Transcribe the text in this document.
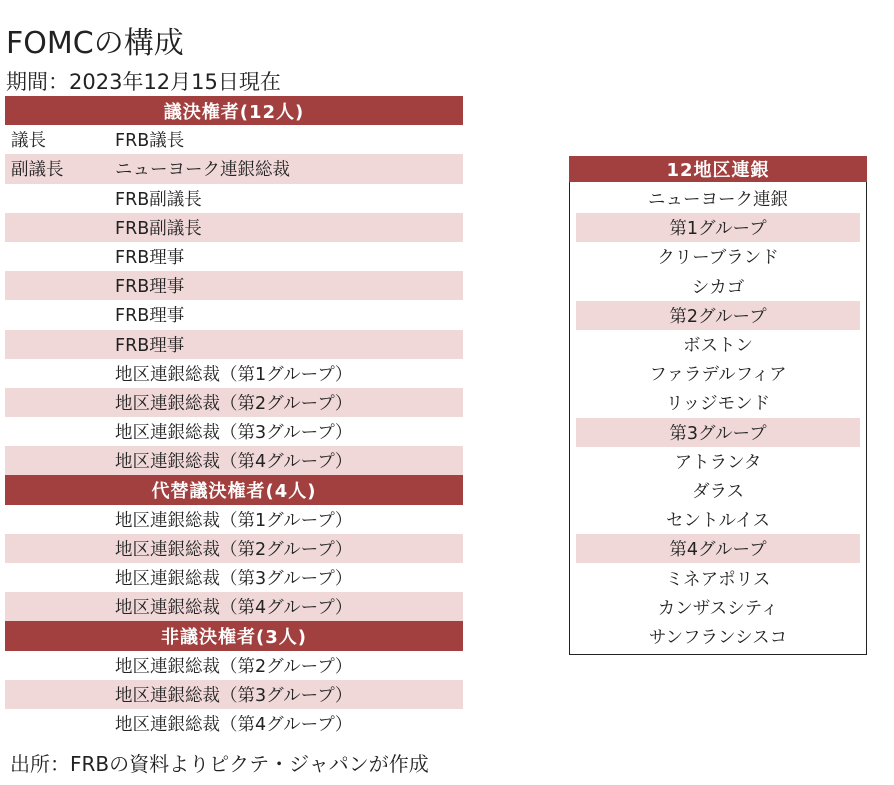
FOMCの構成
期間：2023年12月15日現在
議決権者(12人)
議長	FRB議長
副議長	ニューヨーク連銀総裁
FRB副議長
FRB副議長
FRB理事
FRB理事
FRB理事
FRB理事
地区連銀総裁（第1グループ）
地区連銀総裁（第2グループ）
地区連銀総裁（第3グループ）
地区連銀総裁（第4グループ）
代替議決権者(4人)
地区連銀総裁（第1グループ）
地区連銀総裁（第2グループ）
地区連銀総裁（第3グループ）
地区連銀総裁（第4グループ）
非議決権者(3人)
地区連銀総裁（第2グループ）
地区連銀総裁（第3グループ）
地区連銀総裁（第4グループ）
12地区連銀
ニューヨーク連銀
第1グループ
クリーブランド
シカゴ
第2グループ
ボストン
ファラデルフィア
リッジモンド
第3グループ
アトランタ
ダラス
セントルイス
第4グループ
ミネアポリス
カンザスシティ
サンフランシスコ
出所：FRBの資料よりピクテ・ジャパンが作成
